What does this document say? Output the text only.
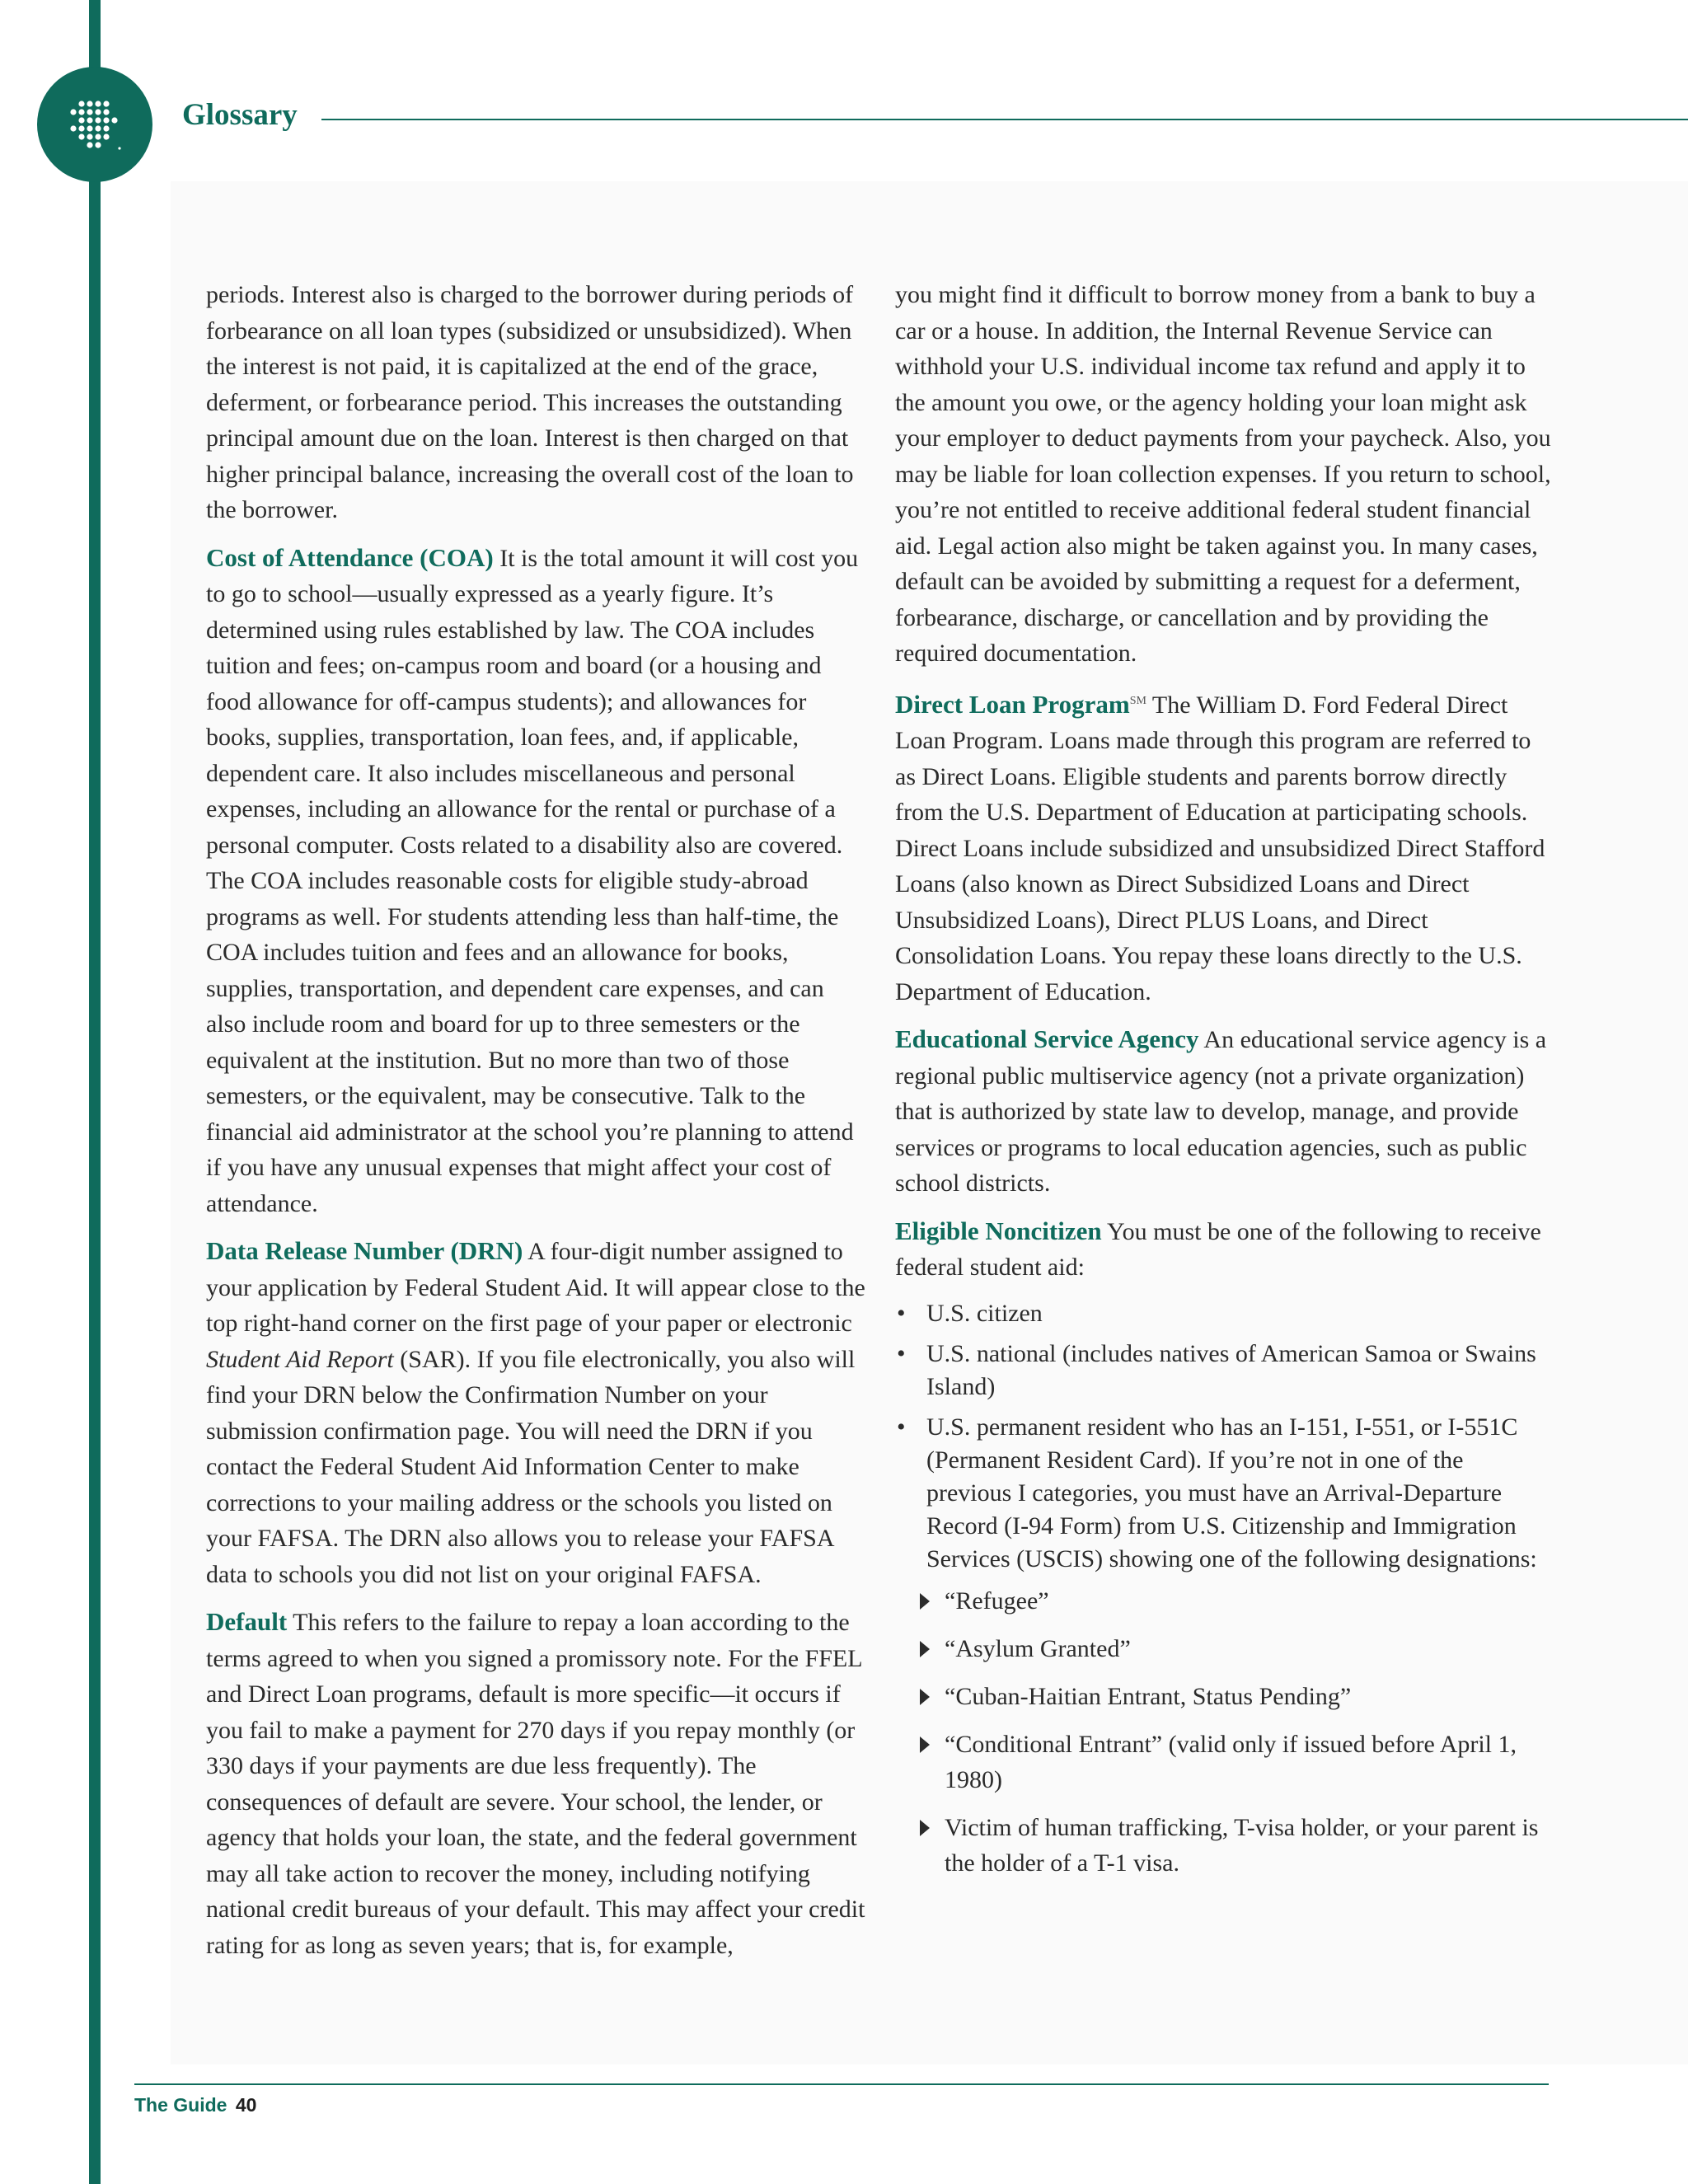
Glossary

periods. Interest also is charged to the borrower during periods of forbearance on all loan types (subsidized or unsubsidized). When the interest is not paid, it is capitalized at the end of the grace, deferment, or forbearance period. This increases the outstanding principal amount due on the loan. Interest is then charged on that higher principal balance, increasing the overall cost of the loan to the borrower.

Cost of Attendance (COA) It is the total amount it will cost you to go to school—usually expressed as a yearly figure. It’s determined using rules established by law. The COA includes tuition and fees; on-campus room and board (or a housing and food allowance for off-campus students); and allowances for books, supplies, transportation, loan fees, and, if applicable, dependent care. It also includes miscellaneous and personal expenses, including an allowance for the rental or purchase of a personal computer. Costs related to a disability also are covered. The COA includes reasonable costs for eligible study-abroad programs as well. For students attending less than half-time, the COA includes tuition and fees and an allowance for books, supplies, transportation, and dependent care expenses, and can also include room and board for up to three semesters or the equivalent at the institution. But no more than two of those semesters, or the equivalent, may be consecutive. Talk to the financial aid administrator at the school you’re planning to attend if you have any unusual expenses that might affect your cost of attendance.

Data Release Number (DRN) A four-digit number assigned to your application by Federal Student Aid. It will appear close to the top right-hand corner on the first page of your paper or electronic Student Aid Report (SAR). If you file electronically, you also will find your DRN below the Confirmation Number on your submission confirmation page. You will need the DRN if you contact the Federal Student Aid Information Center to make corrections to your mailing address or the schools you listed on your FAFSA. The DRN also allows you to release your FAFSA data to schools you did not list on your original FAFSA.

Default This refers to the failure to repay a loan according to the terms agreed to when you signed a promissory note. For the FFEL and Direct Loan programs, default is more specific—it occurs if you fail to make a payment for 270 days if you repay monthly (or 330 days if your payments are due less frequently). The consequences of default are severe. Your school, the lender, or agency that holds your loan, the state, and the federal government may all take action to recover the money, including notifying national credit bureaus of your default. This may affect your credit rating for as long as seven years; that is, for example,

you might find it difficult to borrow money from a bank to buy a car or a house. In addition, the Internal Revenue Service can withhold your U.S. individual income tax refund and apply it to the amount you owe, or the agency holding your loan might ask your employer to deduct payments from your paycheck. Also, you may be liable for loan collection expenses. If you return to school, you’re not entitled to receive additional federal student financial aid. Legal action also might be taken against you. In many cases, default can be avoided by submitting a request for a deferment, forbearance, discharge, or cancellation and by providing the required documentation.

Direct Loan Program℠ The William D. Ford Federal Direct Loan Program. Loans made through this program are referred to as Direct Loans. Eligible students and parents borrow directly from the U.S. Department of Education at participating schools. Direct Loans include subsidized and unsubsidized Direct Stafford Loans (also known as Direct Subsidized Loans and Direct Unsubsidized Loans), Direct PLUS Loans, and Direct Consolidation Loans. You repay these loans directly to the U.S. Department of Education.

Educational Service Agency An educational service agency is a regional public multiservice agency (not a private organization) that is authorized by state law to develop, manage, and provide services or programs to local education agencies, such as public school districts.

Eligible Noncitizen You must be one of the following to receive federal student aid:

• U.S. citizen
• U.S. national (includes natives of American Samoa or Swains Island)
• U.S. permanent resident who has an I-151, I-551, or I-551C (Permanent Resident Card). If you’re not in one of the previous I categories, you must have an Arrival-Departure Record (I-94 Form) from U.S. Citizenship and Immigration Services (USCIS) showing one of the following designations:
“Refugee”
“Asylum Granted”
“Cuban-Haitian Entrant, Status Pending”
“Conditional Entrant” (valid only if issued before April 1, 1980)
Victim of human trafficking, T-visa holder, or your parent is the holder of a T-1 visa.
The Guide 40
